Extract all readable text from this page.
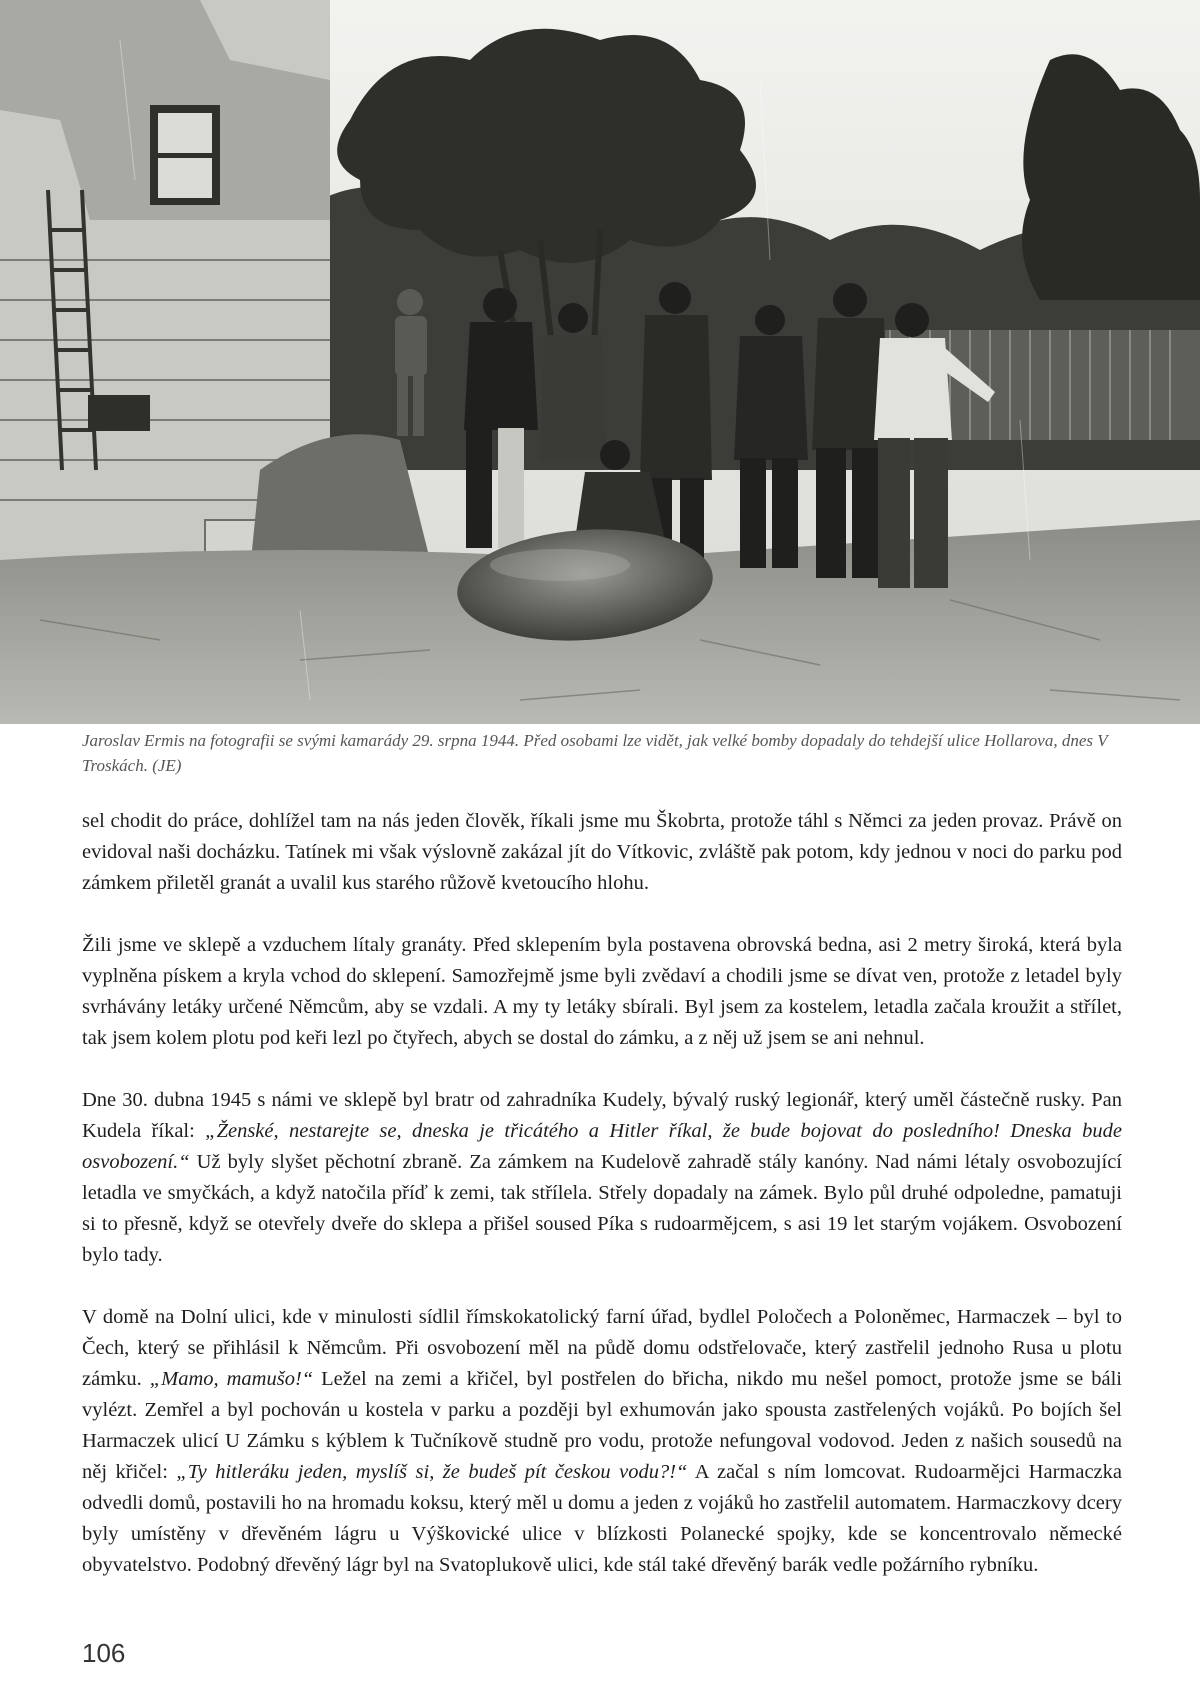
Jaroslav Ermis na fotografii se svými kamarády 29. srpna 1944. Před osobami lze vidět, jak velké bomby dopadaly do tehdejší ulice Hollarova, dnes V Troskách. (JE)

sel chodit do práce, dohlížel tam na nás jeden člověk, říkali jsme mu Škobrta, protože táhl s Němci za jeden provaz. Právě on evidoval naši docházku. Tatínek mi však výslovně zakázal jít do Vítkovic, zvláště pak potom, kdy jednou v noci do parku pod zámkem přiletěl granát a uvalil kus starého růžově kvetoucího hlohu.

Žili jsme ve sklepě a vzduchem lítaly granáty. Před sklepením byla postavena obrovská bedna, asi 2 metry široká, která byla vyplněna pískem a kryla vchod do sklepení. Samozřejmě jsme byli zvědaví a chodili jsme se dívat ven, protože z letadel byly svrhávány letáky určené Němcům, aby se vzdali. A my ty letáky sbírali. Byl jsem za kostelem, letadla začala kroužit a střílet, tak jsem kolem plotu pod keři lezl po čtyřech, abych se dostal do zámku, a z něj už jsem se ani nehnul.

Dne 30. dubna 1945 s námi ve sklepě byl bratr od zahradníka Kudely, bývalý ruský legionář, který uměl částečně rusky. Pan Kudela říkal: „Ženské, nestarejte se, dneska je třicátého a Hitler říkal, že bude bojovat do posledního! Dneska bude osvobození.“ Už byly slyšet pěchotní zbraně. Za zámkem na Kudelově zahradě stály kanóny. Nad námi létaly osvobozující letadla ve smyčkách, a když natočila příď k zemi, tak střílela. Střely dopadaly na zámek. Bylo půl druhé odpoledne, pamatuji si to přesně, když se otevřely dveře do sklepa a přišel soused Píka s rudoarmějcem, s asi 19 let starým vojákem. Osvobození bylo tady.

V domě na Dolní ulici, kde v minulosti sídlil římskokatolický farní úřad, bydlel Poločech a Poloněmec, Harmaczek – byl to Čech, který se přihlásil k Němcům. Při osvobození měl na půdě domu odstřelovače, který zastřelil jednoho Rusa u plotu zámku. „Mamo, mamušo!“ Ležel na zemi a křičel, byl postřelen do břicha, nikdo mu nešel pomoct, protože jsme se báli vylézt. Zemřel a byl pochován u kostela v parku a později byl exhumován jako spousta zastřelených vojáků. Po bojích šel Harmaczek ulicí U Zámku s kýblem k Tučníkově studně pro vodu, protože nefungoval vodovod. Jeden z našich sousedů na něj křičel: „Ty hitleráku jeden, myslíš si, že budeš pít českou vodu?!“ A začal s ním lomcovat. Rudoarmějci Harmaczka odvedli domů, postavili ho na hromadu koksu, který měl u domu a jeden z vojáků ho zastřelil automatem. Harmaczkovy dcery byly umístěny v dřevěném lágru u Výškovické ulice v blízkosti Polanecké spojky, kde se koncentrovalo německé obyvatelstvo. Podobný dřevěný lágr byl na Svatoplukově ulici, kde stál také dřevěný barák vedle požárního rybníku.

106
